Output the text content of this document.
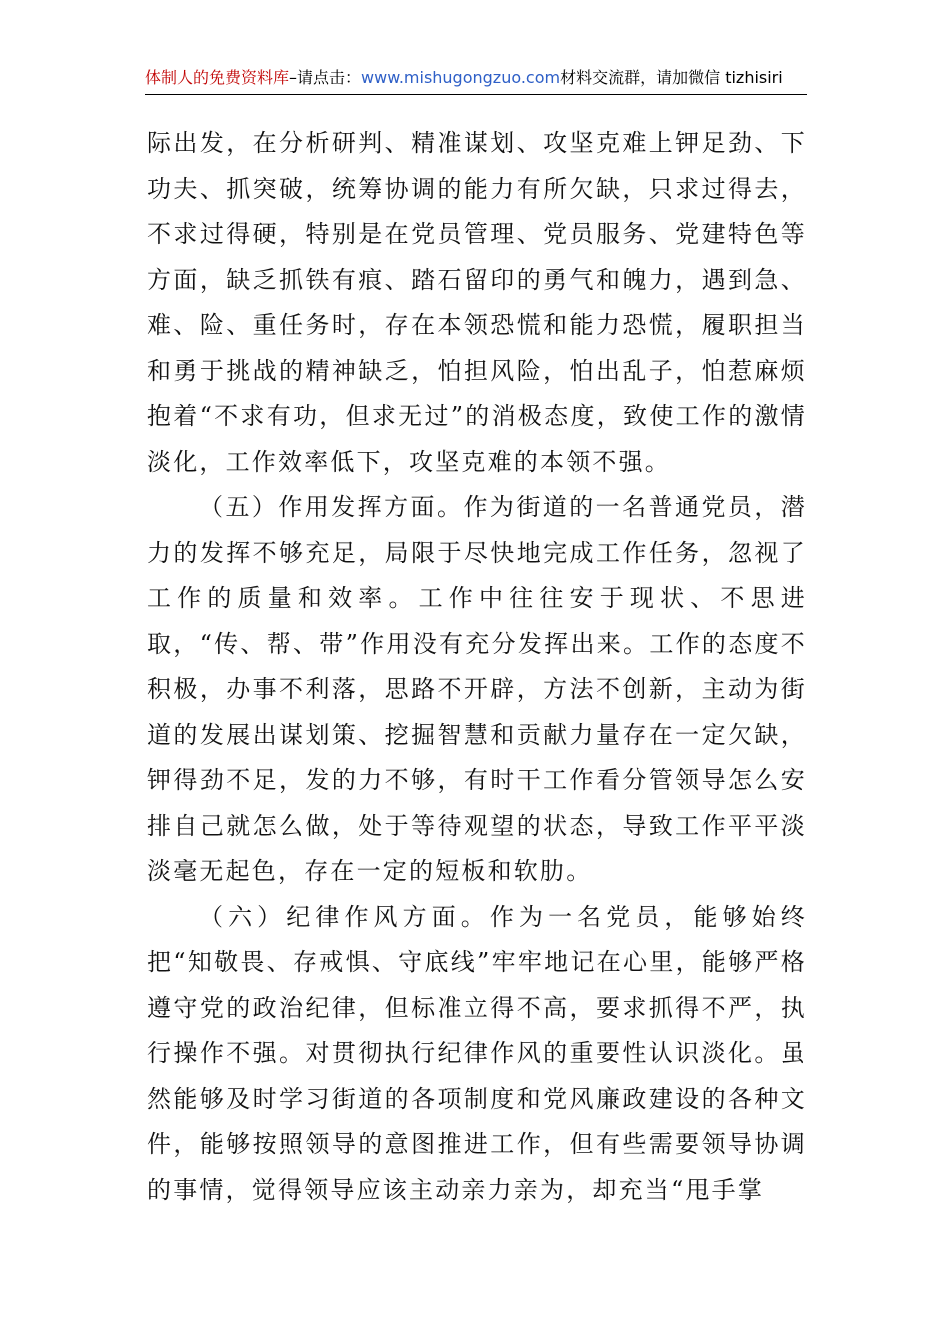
体制人的免费资料库–请点击：www.mishugongzuo.com材料交流群，请加微信 tizhisiri

际出发，在分析研判、精准谋划、攻坚克难上钾足劲、下功夫、抓突破，统筹协调的能力有所欠缺，只求过得去，不求过得硬，特别是在党员管理、党员服务、党建特色等方面，缺乏抓铁有痕、踏石留印的勇气和魄力，遇到急、难、险、重任务时，存在本领恐慌和能力恐慌，履职担当和勇于挑战的精神缺乏，怕担风险，怕出乱子，怕惹麻烦抱着“不求有功，但求无过”的消极态度，致使工作的激情淡化，工作效率低下，攻坚克难的本领不强。

（五）作用发挥方面。作为街道的一名普通党员，潜力的发挥不够充足，局限于尽快地完成工作任务，忽视了工作的质量和效率。工作中往往安于现状、不思进取，“传、帮、带”作用没有充分发挥出来。工作的态度不积极，办事不利落，思路不开辟，方法不创新，主动为街道的发展出谋划策、挖掘智慧和贡献力量存在一定欠缺，钾得劲不足，发的力不够，有时干工作看分管领导怎么安排自己就怎么做，处于等待观望的状态，导致工作平平淡淡毫无起色，存在一定的短板和软肋。

（六）纪律作风方面。作为一名党员，能够始终把“知敬畏、存戒惧、守底线”牢牢地记在心里，能够严格遵守党的政治纪律，但标准立得不高，要求抓得不严，执行操作不强。对贯彻执行纪律作风的重要性认识淡化。虽然能够及时学习街道的各项制度和党风廉政建设的各种文件，能够按照领导的意图推进工作，但有些需要领导协调的事情，觉得领导应该主动亲力亲为，却充当“甩手掌
